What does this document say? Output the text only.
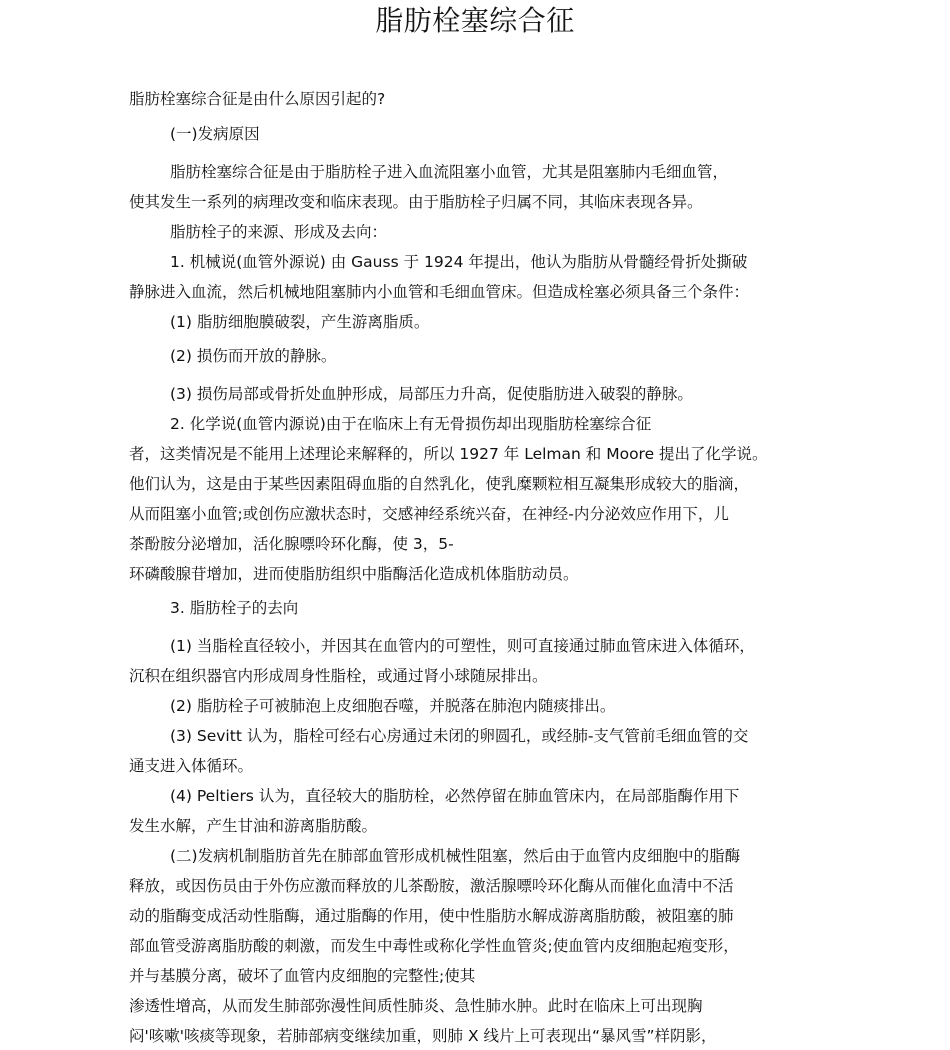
脂肪栓塞综合征
脂肪栓塞综合征是由什么原因引起的?
(一)发病原因
脂肪栓塞综合征是由于脂肪栓子进入血流阻塞小血管，尤其是阻塞肺内毛细血管，
使其发生一系列的病理改变和临床表现。由于脂肪栓子归属不同，其临床表现各异。
脂肪栓子的来源、形成及去向：
1. 机械说(血管外源说) 由 Gauss 于 1924 年提出，他认为脂肪从骨髓经骨折处撕破
静脉进入血流，然后机械地阻塞肺内小血管和毛细血管床。但造成栓塞必须具备三个条件：
(1) 脂肪细胞膜破裂，产生游离脂质。
(2) 损伤而开放的静脉。
(3) 损伤局部或骨折处血肿形成，局部压力升高，促使脂肪进入破裂的静脉。
2. 化学说(血管内源说)由于在临床上有无骨损伤却出现脂肪栓塞综合征
者，这类情况是不能用上述理论来解释的，所以 1927 年 Lelman 和 Moore 提出了化学说。
他们认为，这是由于某些因素阻碍血脂的自然乳化，使乳糜颗粒相互凝集形成较大的脂滴，
从而阻塞小血管;或创伤应激状态时，交感神经系统兴奋，在神经-内分泌效应作用下，儿
茶酚胺分泌增加，活化腺嘌呤环化酶，使 3，5-
环磷酸腺苷增加，进而使脂肪组织中脂酶活化造成机体脂肪动员。
3. 脂肪栓子的去向
(1) 当脂栓直径较小，并因其在血管内的可塑性，则可直接通过肺血管床进入体循环，
沉积在组织器官内形成周身性脂栓，或通过肾小球随尿排出。
(2) 脂肪栓子可被肺泡上皮细胞吞噬，并脱落在肺泡内随痰排出。
(3) Sevitt 认为，脂栓可经右心房通过未闭的卵圆孔，或经肺-支气管前毛细血管的交
通支进入体循环。
(4) Peltiers 认为，直径较大的脂肪栓，必然停留在肺血管床内，在局部脂酶作用下
发生水解，产生甘油和游离脂肪酸。
(二)发病机制脂肪首先在肺部血管形成机械性阻塞，然后由于血管内皮细胞中的脂酶
释放，或因伤员由于外伤应激而释放的儿茶酚胺，激活腺嘌呤环化酶从而催化血清中不活
动的脂酶变成活动性脂酶，通过脂酶的作用，使中性脂肪水解成游离脂肪酸，被阻塞的肺
部血管受游离脂肪酸的刺激，而发生中毒性或称化学性血管炎;使血管内皮细胞起疱变形，
并与基膜分离，破坏了血管内皮细胞的完整性;使其
渗透性增高，从而发生肺部弥漫性间质性肺炎、急性肺水肿。此时在临床上可出现胸
闷'咳嗽'咳痰等现象，若肺部病变继续加重，则肺 X 线片上可表现出“暴风雪”样阴影，
